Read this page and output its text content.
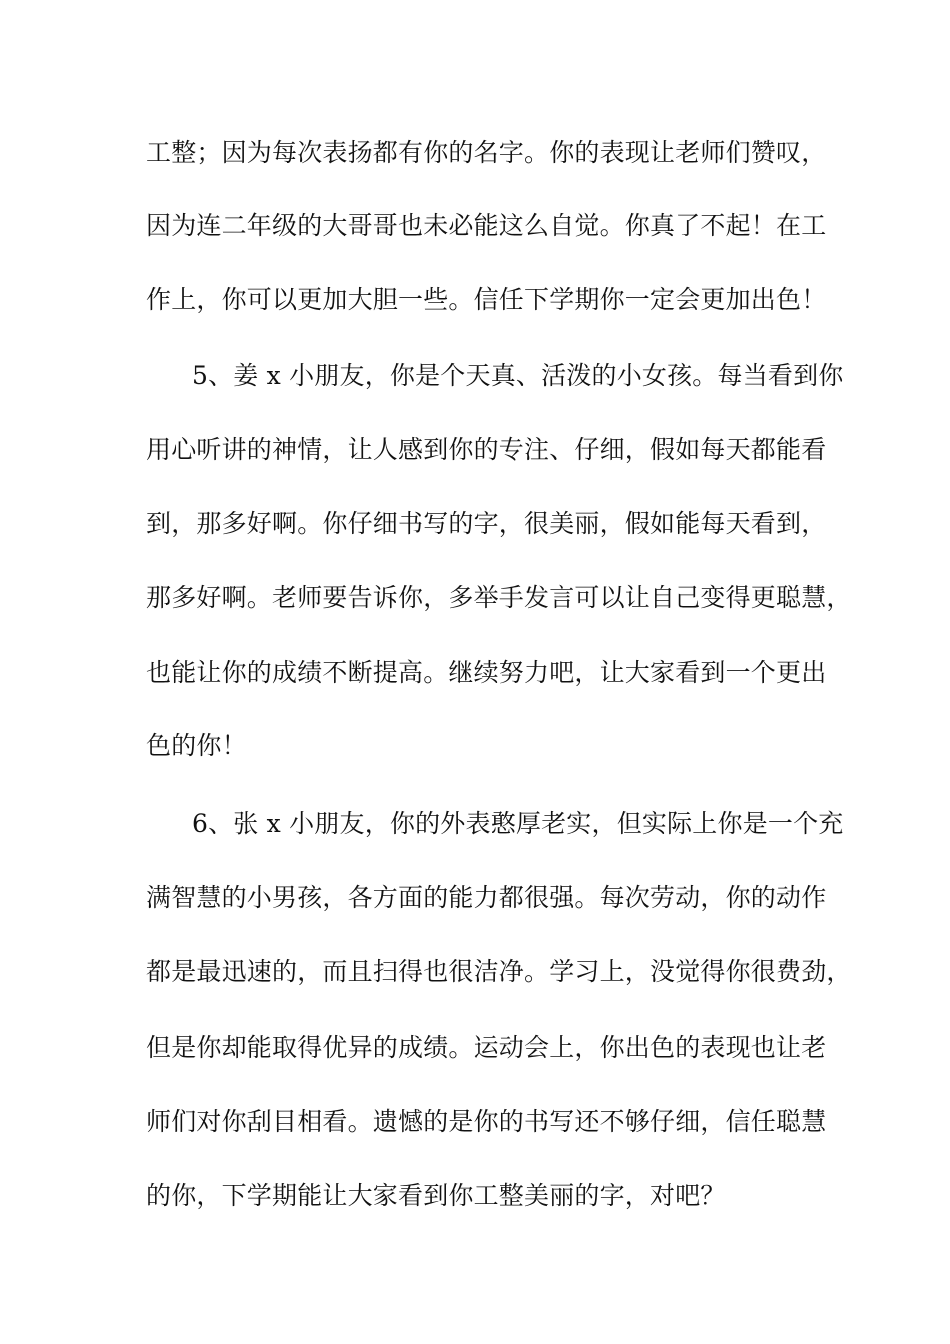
工整；因为每次表扬都有你的名字。你的表现让老师们赞叹，
因为连二年级的大哥哥也未必能这么自觉。你真了不起！在工
作上，你可以更加大胆一些。信任下学期你一定会更加出色！
5、姜 x 小朋友，你是个天真、活泼的小女孩。每当看到你
用心听讲的神情，让人感到你的专注、仔细，假如每天都能看
到，那多好啊。你仔细书写的字，很美丽，假如能每天看到，
那多好啊。老师要告诉你，多举手发言可以让自己变得更聪慧，
也能让你的成绩不断提高。继续努力吧，让大家看到一个更出
色的你！
6、张 x 小朋友，你的外表憨厚老实，但实际上你是一个充
满智慧的小男孩，各方面的能力都很强。每次劳动，你的动作
都是最迅速的，而且扫得也很洁净。学习上，没觉得你很费劲，
但是你却能取得优异的成绩。运动会上，你出色的表现也让老
师们对你刮目相看。遗憾的是你的书写还不够仔细，信任聪慧
的你，下学期能让大家看到你工整美丽的字，对吧？
